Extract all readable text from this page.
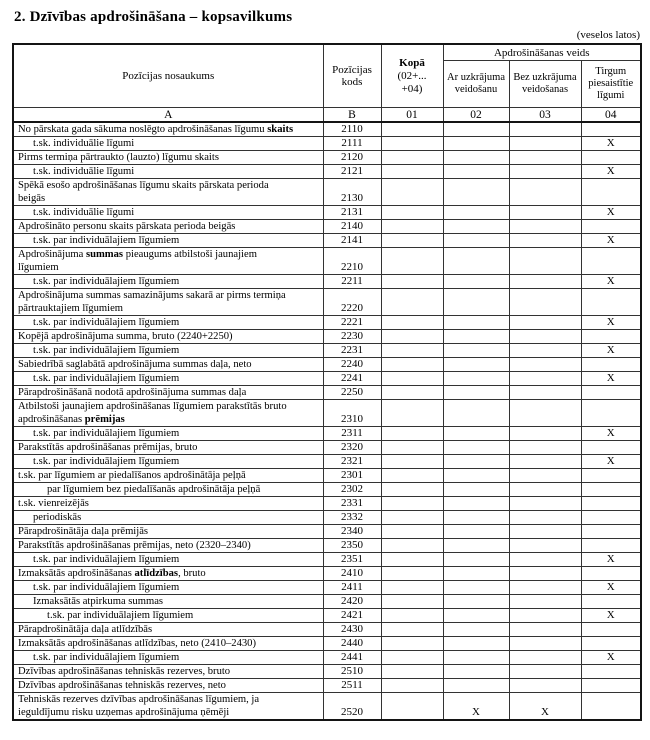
2. Dzīvības apdrošināšana – kopsavilkums
(veselos latos)
Pozīcijas nosaukums	Pozīcijas kods	Kopā
(02+...
+04)	Apdrošināšanas veids		
			Ar uzkrājuma veidošanu	Bez uzkrājuma veidošanas	Tirgum piesaistītie līgumi
A	B	01	02	03	04
No pārskata gada sākuma noslēgto apdrošināšanas līgumu skaits	2110				
t.sk. individuālie līgumi	2111				X
Pirms termiņa pārtraukto (lauzto) līgumu skaits	2120				
t.sk. individuālie līgumi	2121				X
Spēkā esošo apdrošināšanas līgumu skaits pārskata perioda
beigās	2130				
t.sk. individuālie līgumi	2131				X
Apdrošināto personu skaits pārskata perioda beigās	2140				
t.sk. par individuālajiem līgumiem	2141				X
Apdrošinājuma summas pieaugums atbilstoši jaunajiem
līgumiem	2210				
t.sk. par individuālajiem līgumiem	2211				X
Apdrošinājuma summas samazinājums sakarā ar pirms termiņa
pārtrauktajiem līgumiem	2220				
t.sk. par individuālajiem līgumiem	2221				X
Kopējā apdrošinājuma summa, bruto (2240+2250)	2230				
t.sk. par individuālajiem līgumiem	2231				X
Sabiedrībā saglabātā apdrošinājuma summas daļa, neto	2240				
t.sk. par individuālajiem līgumiem	2241				X
Pārapdrošināšanā nodotā apdrošinājuma summas daļa	2250				
Atbilstoši jaunajiem apdrošināšanas līgumiem parakstītās bruto
apdrošināšanas prēmijas	2310				
t.sk. par individuālajiem līgumiem	2311				X
Parakstītās apdrošināšanas prēmijas, bruto	2320				
t.sk. par individuālajiem līgumiem	2321				X
t.sk. par līgumiem ar piedalīšanos apdrošinātāja peļņā	2301				
par līgumiem bez piedalīšanās apdrošinātāja peļņā	2302				
t.sk. vienreizējās	2331				
periodiskās	2332				
Pārapdrošinātāja daļa prēmijās	2340				
Parakstītās apdrošināšanas prēmijas, neto (2320–2340)	2350				
t.sk. par individuālajiem līgumiem	2351				X
Izmaksātās apdrošināšanas atlīdzības, bruto	2410				
t.sk. par individuālajiem līgumiem	2411				X
Izmaksātās atpirkuma summas	2420				
t.sk. par individuālajiem līgumiem	2421				X
Pārapdrošinātāja daļa atlīdzībās	2430				
Izmaksātās apdrošināšanas atlīdzības, neto (2410–2430)	2440				
t.sk. par individuālajiem līgumiem	2441				X
Dzīvības apdrošināšanas tehniskās rezerves, bruto	2510				
Dzīvības apdrošināšanas tehniskās rezerves, neto	2511				
Tehniskās rezerves dzīvības apdrošināšanas līgumiem, ja
ieguldījumu risku uzņemas apdrošinājuma ņēmēji	2520		X	X	
